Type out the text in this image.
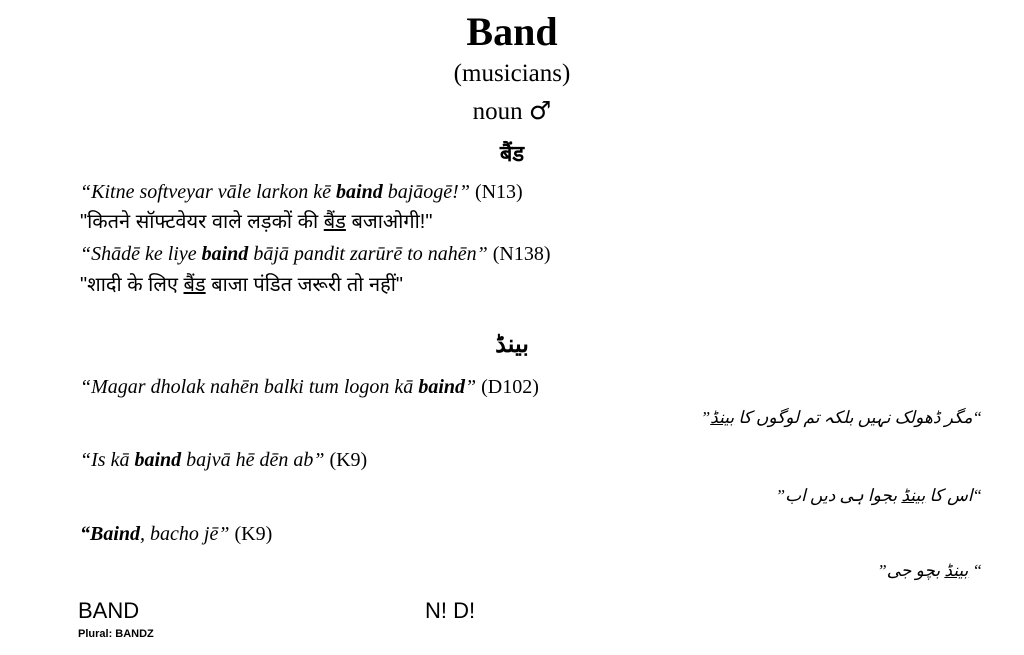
Band
(musicians)
noun ♂
बैंड
“Kitne softveyar vāle larkon kē baind bajāogē!” (N13)
"कितने सॉफ्टवेयर वाले लड़कों की बैंड बजाओगी!"
“Shādē ke liye baind bājā pandit zarūrē to nahēn” (N138)
"शादी के लिए बैंड बाजा पंडित जरूरी तो नहीं"
بینڈ
“Magar dholak nahēn balki tum logon kā baind” (D102)
“مگر ڈھولک نہیں بلکہ تم لوگوں کا بینڈ”
“Is kā baind bajvā hē dēn ab” (K9)
“اس کا بینڈ بجوا ہی دیں اب”
“Baind, bacho jē” (K9)
“ بینڈ بچو جی”
BAND	N! D!
Plural: BANDZ
